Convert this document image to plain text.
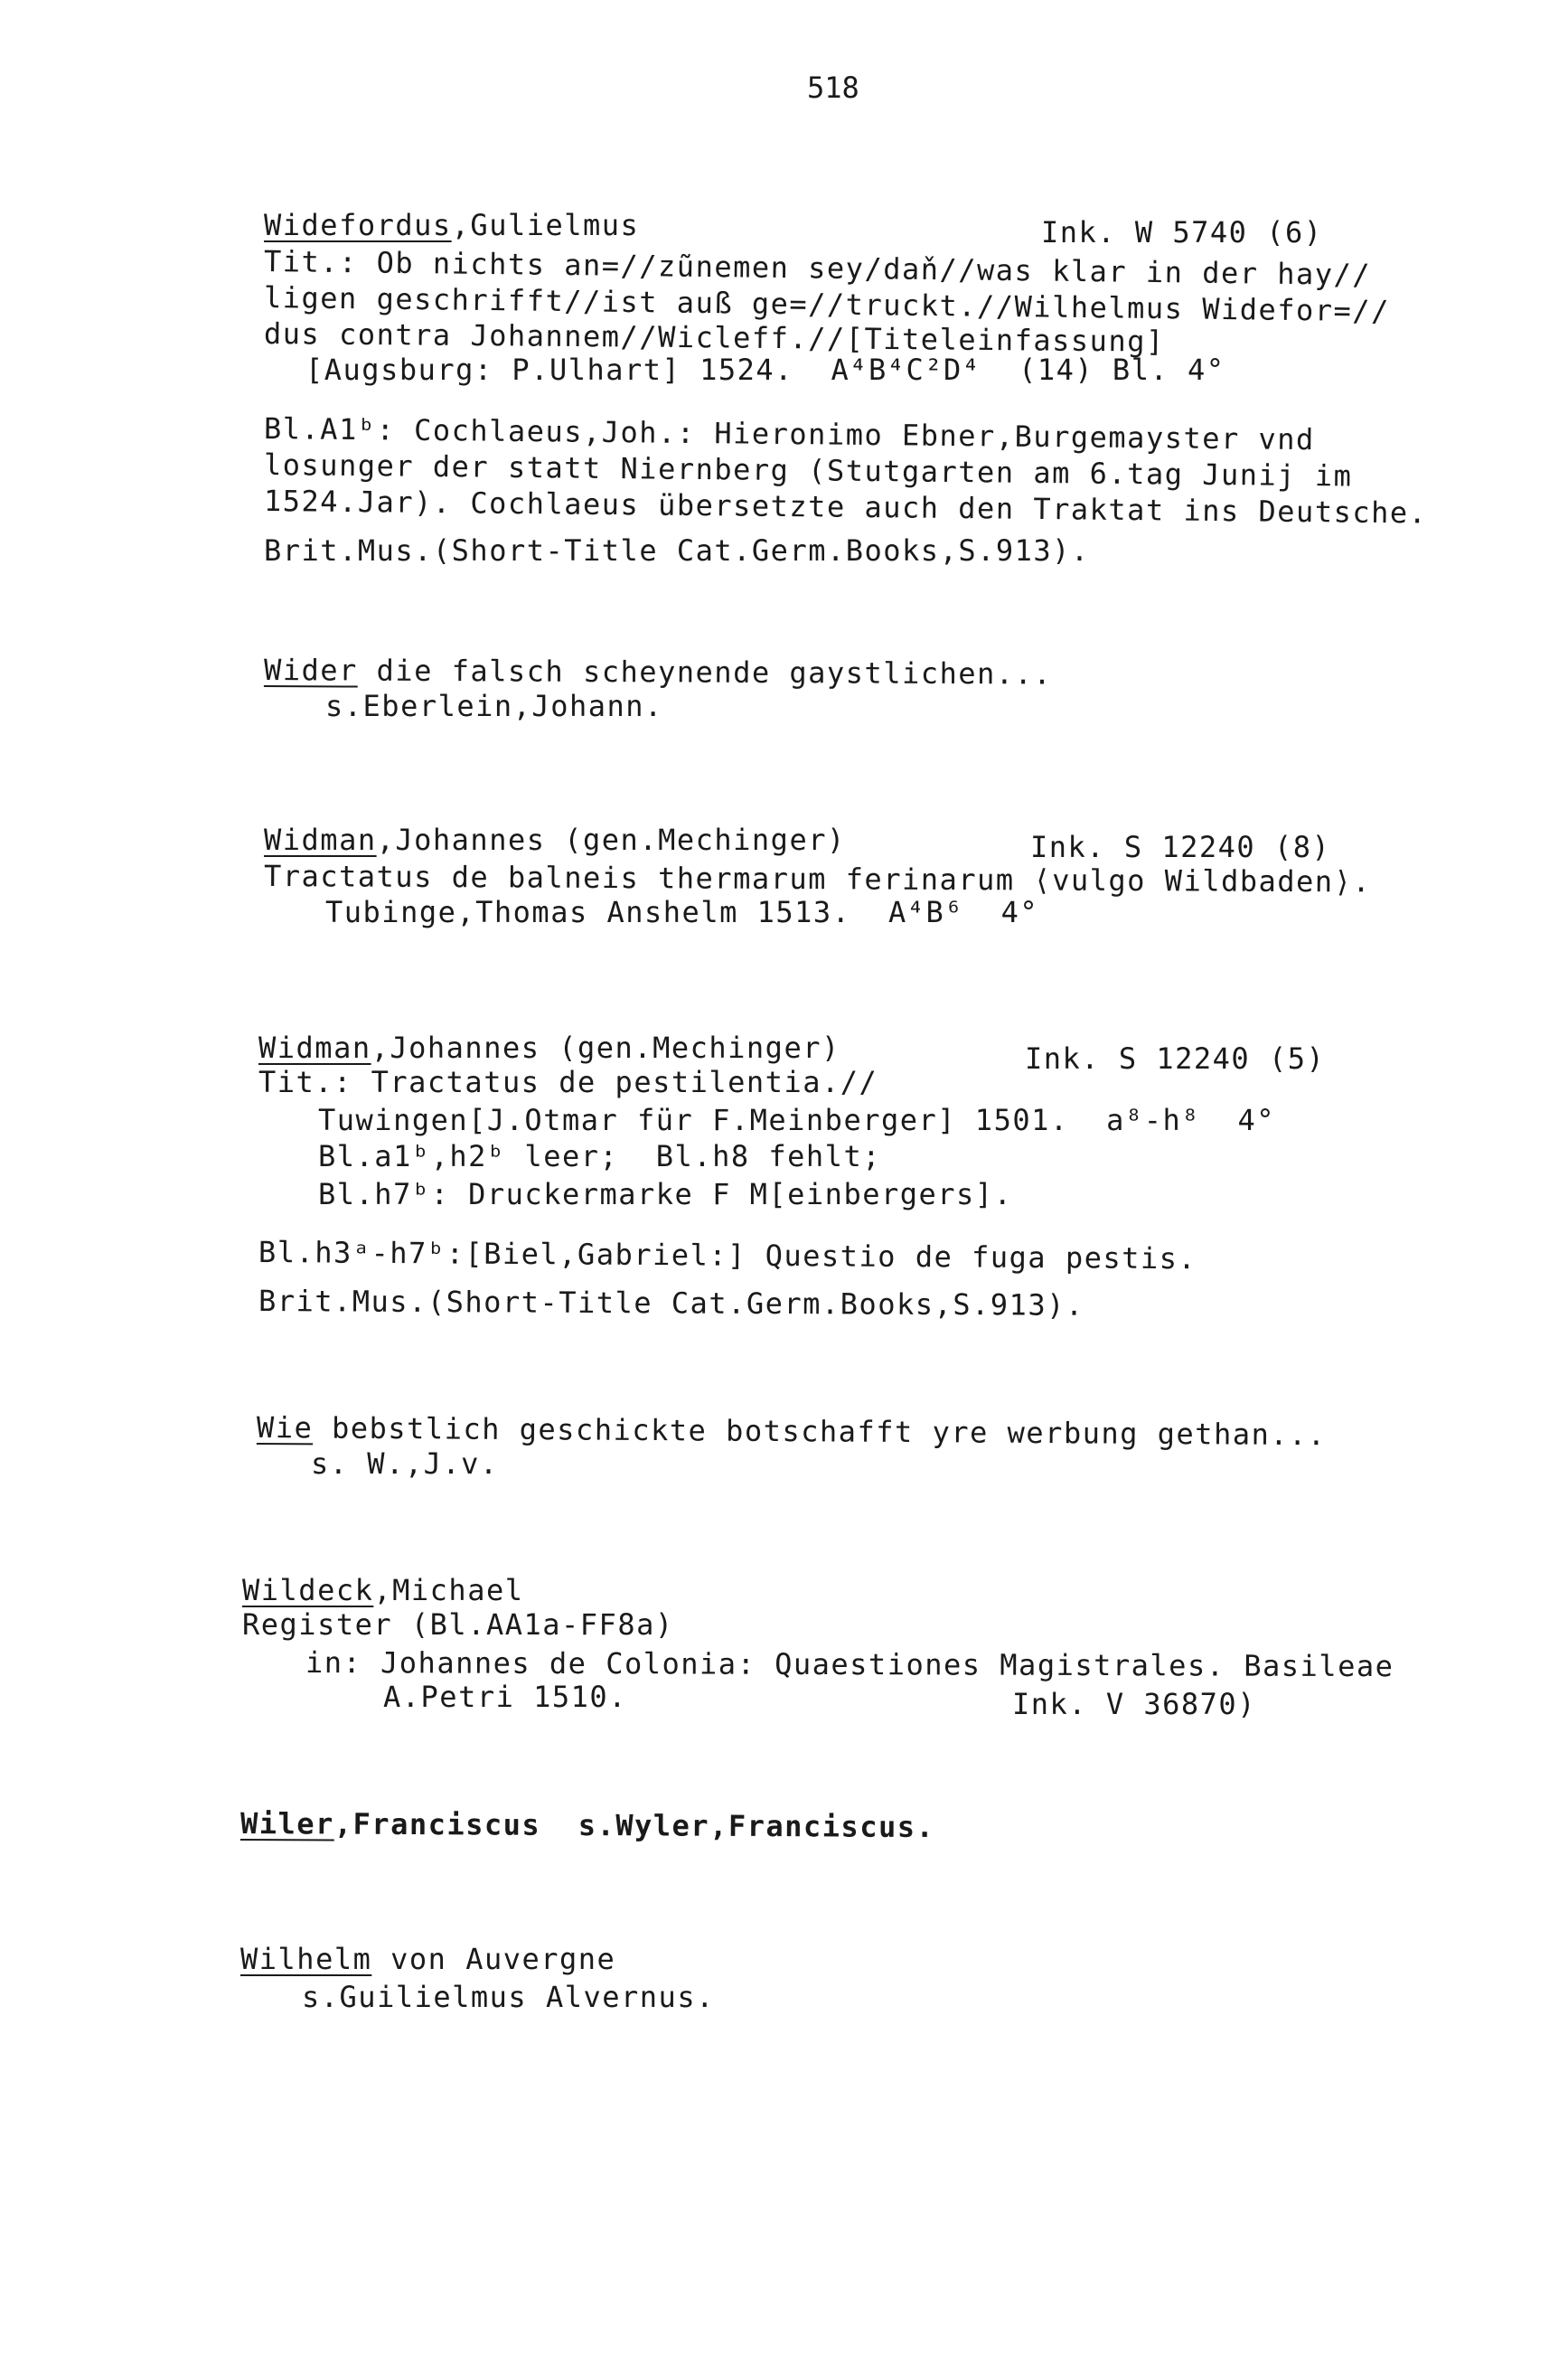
518
Widefordus,Gulielmus	Ink. W 5740 (6)
Tit.: Ob nichts an=//zũnemen sey/daň//was klar in der hay//
ligen geschrifft//ist auß ge=//truckt.//Wilhelmus Widefor=//
dus contra Johannem//Wicleff.//[Titeleinfassung]
[Augsburg: P.Ulhart] 1524.  A⁴B⁴C²D⁴  (14) Bl. 4°
Bl.A1ᵇ: Cochlaeus,Joh.: Hieronimo Ebner,Burgemayster vnd
losunger der statt Niernberg (Stutgarten am 6.tag Junij im
1524.Jar). Cochlaeus übersetzte auch den Traktat ins Deutsche.
Brit.Mus.(Short-Title Cat.Germ.Books,S.913).
Wider die falsch scheynende gaystlichen...
s.Eberlein,Johann.
Widman,Johannes (gen.Mechinger)	Ink. S 12240 (8)
Tractatus de balneis thermarum ferinarum ⟨vulgo Wildbaden⟩.
Tubinge,Thomas Anshelm 1513.  A⁴B⁶  4°
Widman,Johannes (gen.Mechinger)	Ink. S 12240 (5)
Tit.: Tractatus de pestilentia.//
Tuwingen[J.Otmar für F.Meinberger] 1501.  a⁸-h⁸  4°
Bl.a1ᵇ,h2ᵇ leer;  Bl.h8 fehlt;
Bl.h7ᵇ: Druckermarke F M[einbergers].
Bl.h3ᵃ-h7ᵇ:[Biel,Gabriel:] Questio de fuga pestis.
Brit.Mus.(Short-Title Cat.Germ.Books,S.913).
Wie bebstlich geschickte botschafft yre werbung gethan...
s. W.,J.v.
Wildeck,Michael
Register (Bl.AA1a-FF8a)
in: Johannes de Colonia: Quaestiones Magistrales. Basileae
A.Petri 1510.	Ink. V 36870)
Wiler,Franciscus  s.Wyler,Franciscus.
Wilhelm von Auvergne
s.Guilielmus Alvernus.
